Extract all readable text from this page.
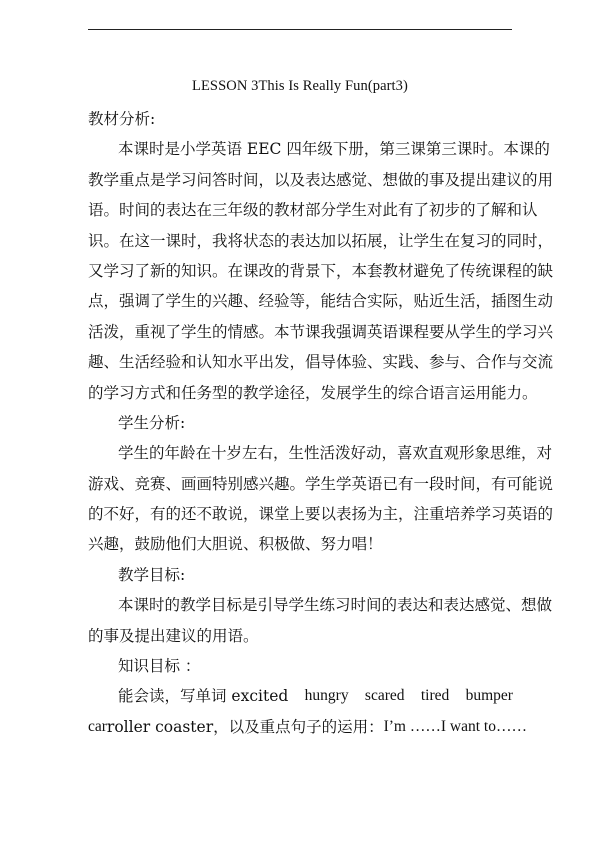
LESSON 3This Is Really Fun(part3)
教材分析:
本课时是小学英语 EEC 四年级下册，第三课第三课时。本课的
教学重点是学习问答时间，以及表达感觉、想做的事及提出建议的用
语。时间的表达在三年级的教材部分学生对此有了初步的了解和认
识。在这一课时，我将状态的表达加以拓展，让学生在复习的同时，
又学习了新的知识。在课改的背景下，本套教材避免了传统课程的缺
点，强调了学生的兴趣、经验等，能结合实际，贴近生活，插图生动
活泼，重视了学生的情感。本节课我强调英语课程要从学生的学习兴
趣、生活经验和认知水平出发，倡导体验、实践、参与、合作与交流
的学习方式和任务型的教学途径，发展学生的综合语言运用能力。
学生分析:
学生的年龄在十岁左右，生性活泼好动，喜欢直观形象思维，对
游戏、竞赛、画画特别感兴趣。学生学英语已有一段时间，有可能说
的不好，有的还不敢说，课堂上要以表扬为主，注重培养学习英语的
兴趣，鼓励他们大胆说、积极做、努力唱！
教学目标:
本课时的教学目标是引导学生练习时间的表达和表达感觉、想做
的事及提出建议的用语。
知识目标 ：
能会读，写单词 excited hungry scared tired bumper
car roller coaster，以及重点句子的运用： I’m …… I want to……
